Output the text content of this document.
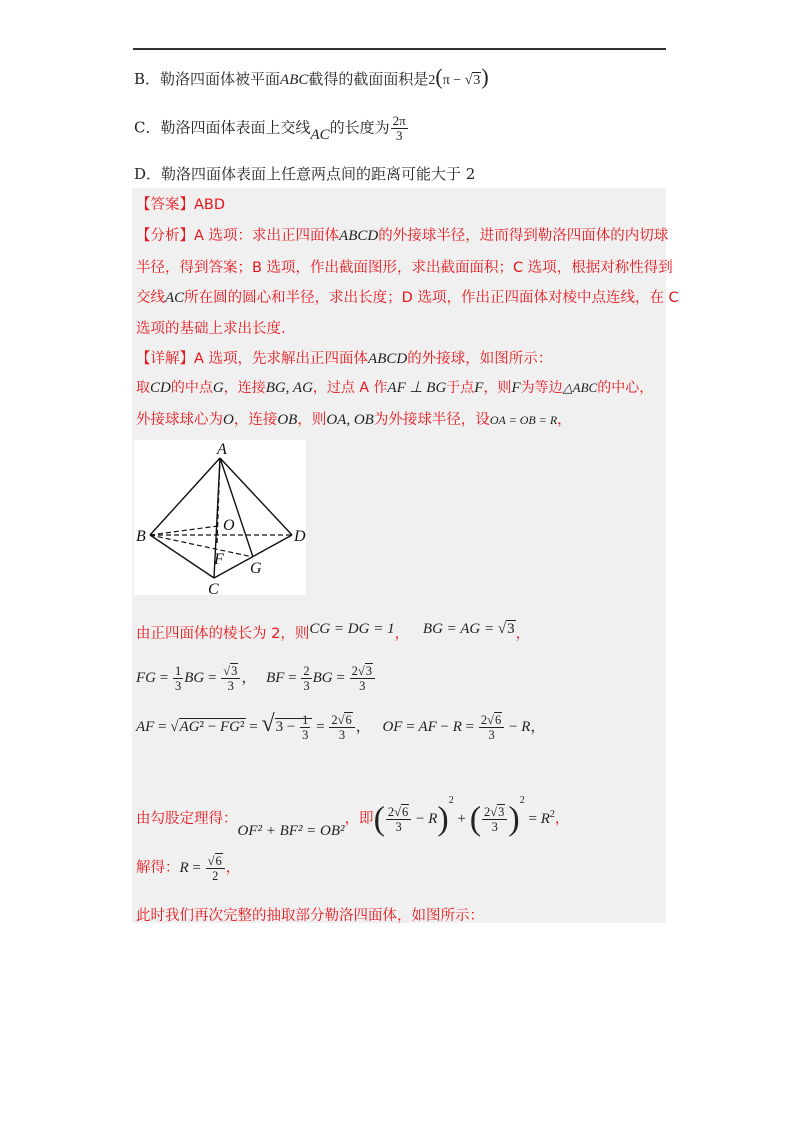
B．勒洛四面体被平面ABC截得的截面面积是2(π − √3)
C．勒洛四面体表面上交线AC的长度为 $\frac{2\pi}{3}$
D．勒洛四面体表面上任意两点间的距离可能大于 2
【答案】ABD
【分析】A 选项：求出正四面体ABCD的外接球半径，进而得到勒洛四面体的内切球
半径，得到答案；B 选项，作出截面图形，求出截面面积；C 选项，根据对称性得到
交线AC所在圆的圆心和半径，求出长度；D 选项，作出正四面体对棱中点连线，在 C
选项的基础上求出长度.
【详解】A 选项，先求解出正四面体ABCD的外接球，如图所示：
取CD的中点G，连接BG, AG，过点 A 作AF ⊥ BG于点F，则F为等边△ABC的中心，
外接球球心为O，连接OB，则OA, OB为外接球半径，设OA = OB = R，
A
B
C
D
O
F
G
由正四面体的棱长为 2，则CG = DG = 1， BG = AG = √3，
FG = $\frac{1}{3}$ BG = $\frac{√3}{3}$ ， BF = $\frac{2}{3}$ BG = $\frac{2√3}{3}$
AF = $√AG^2 - FG^2 = √3 - \frac{1}{3} = \frac{2√6}{3}$ ， OF = AF − $R = \frac{2√6}{3} - R$，
由勾股定理得：OF² + BF² = OB²，即( $\frac{2√6}{3} - R)^2$ + ( $\frac{2√3}{3} )^2 = R^2$，
解得：$R = \frac{√6}{2}$ ，
此时我们再次完整的抽取部分勒洛四面体，如图所示：
